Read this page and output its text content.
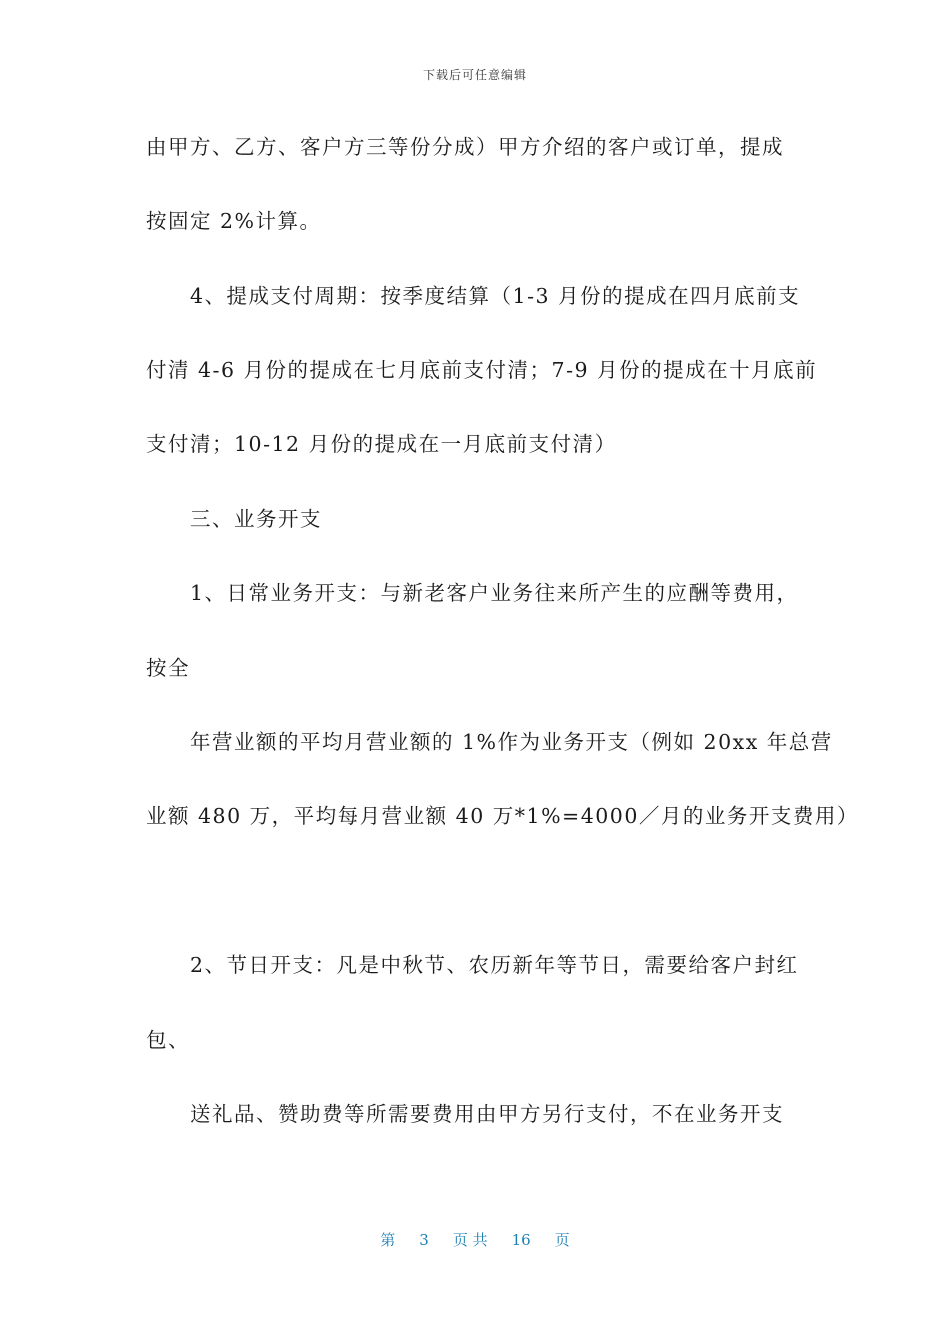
下载后可任意编辑
由甲方、乙方、客户方三等份分成）甲方介绍的客户或订单，提成
按固定 2%计算。
4、提成支付周期：按季度结算（1-3 月份的提成在四月底前支
付清 4-6 月份的提成在七月底前支付清；7-9 月份的提成在十月底前
支付清；10-12 月份的提成在一月底前支付清）
三、业务开支
1、日常业务开支：与新老客户业务往来所产生的应酬等费用，
按全
年营业额的平均月营业额的 1%作为业务开支（例如 20xx 年总营
业额 480 万，平均每月营业额 40 万*1%=4000／月的业务开支费用）
2、节日开支：凡是中秋节、农历新年等节日，需要给客户封红
包、
送礼品、赞助费等所需要费用由甲方另行支付，不在业务开支
第 3 页 共 16 页
